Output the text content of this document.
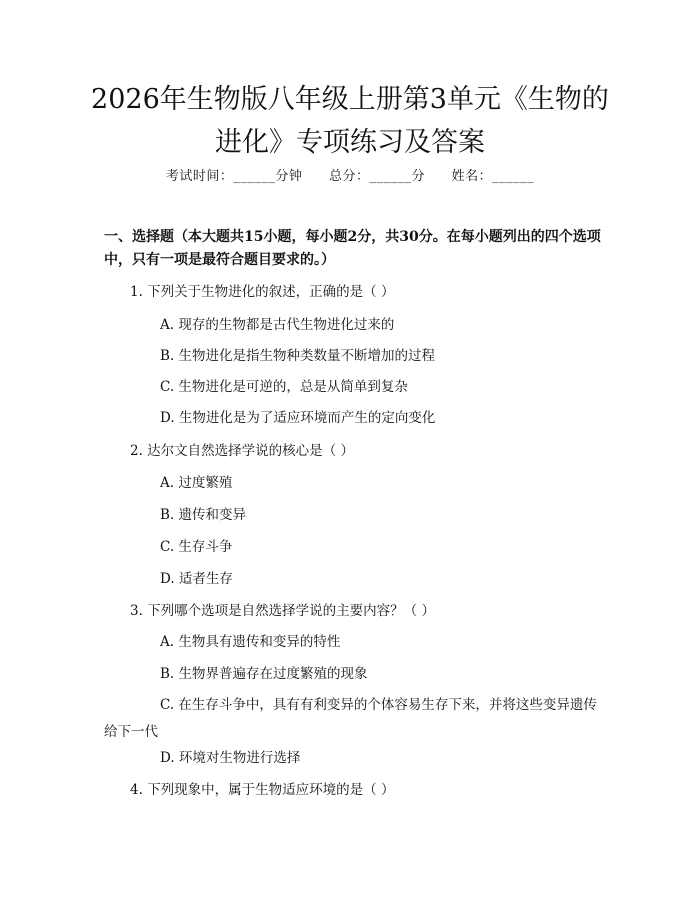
2026年生物版八年级上册第3单元《生物的
进化》专项练习及答案
考试时间：______分钟 总分：______分 姓名：______
一、选择题（本大题共15小题，每小题2分，共30分。在每小题列出的四个选项中，只有一项是最符合题目要求的。）
1. 下列关于生物进化的叙述，正确的是（ ）
A. 现存的生物都是古代生物进化过来的
B. 生物进化是指生物种类数量不断增加的过程
C. 生物进化是可逆的，总是从简单到复杂
D. 生物进化是为了适应环境而产生的定向变化
2. 达尔文自然选择学说的核心是（ ）
A. 过度繁殖
B. 遗传和变异
C. 生存斗争
D. 适者生存
3. 下列哪个选项是自然选择学说的主要内容？（ ）
A. 生物具有遗传和变异的特性
B. 生物界普遍存在过度繁殖的现象
C. 在生存斗争中，具有有利变异的个体容易生存下来，并将这些变异遗传给下一代
D. 环境对生物进行选择
4. 下列现象中，属于生物适应环境的是（ ）
